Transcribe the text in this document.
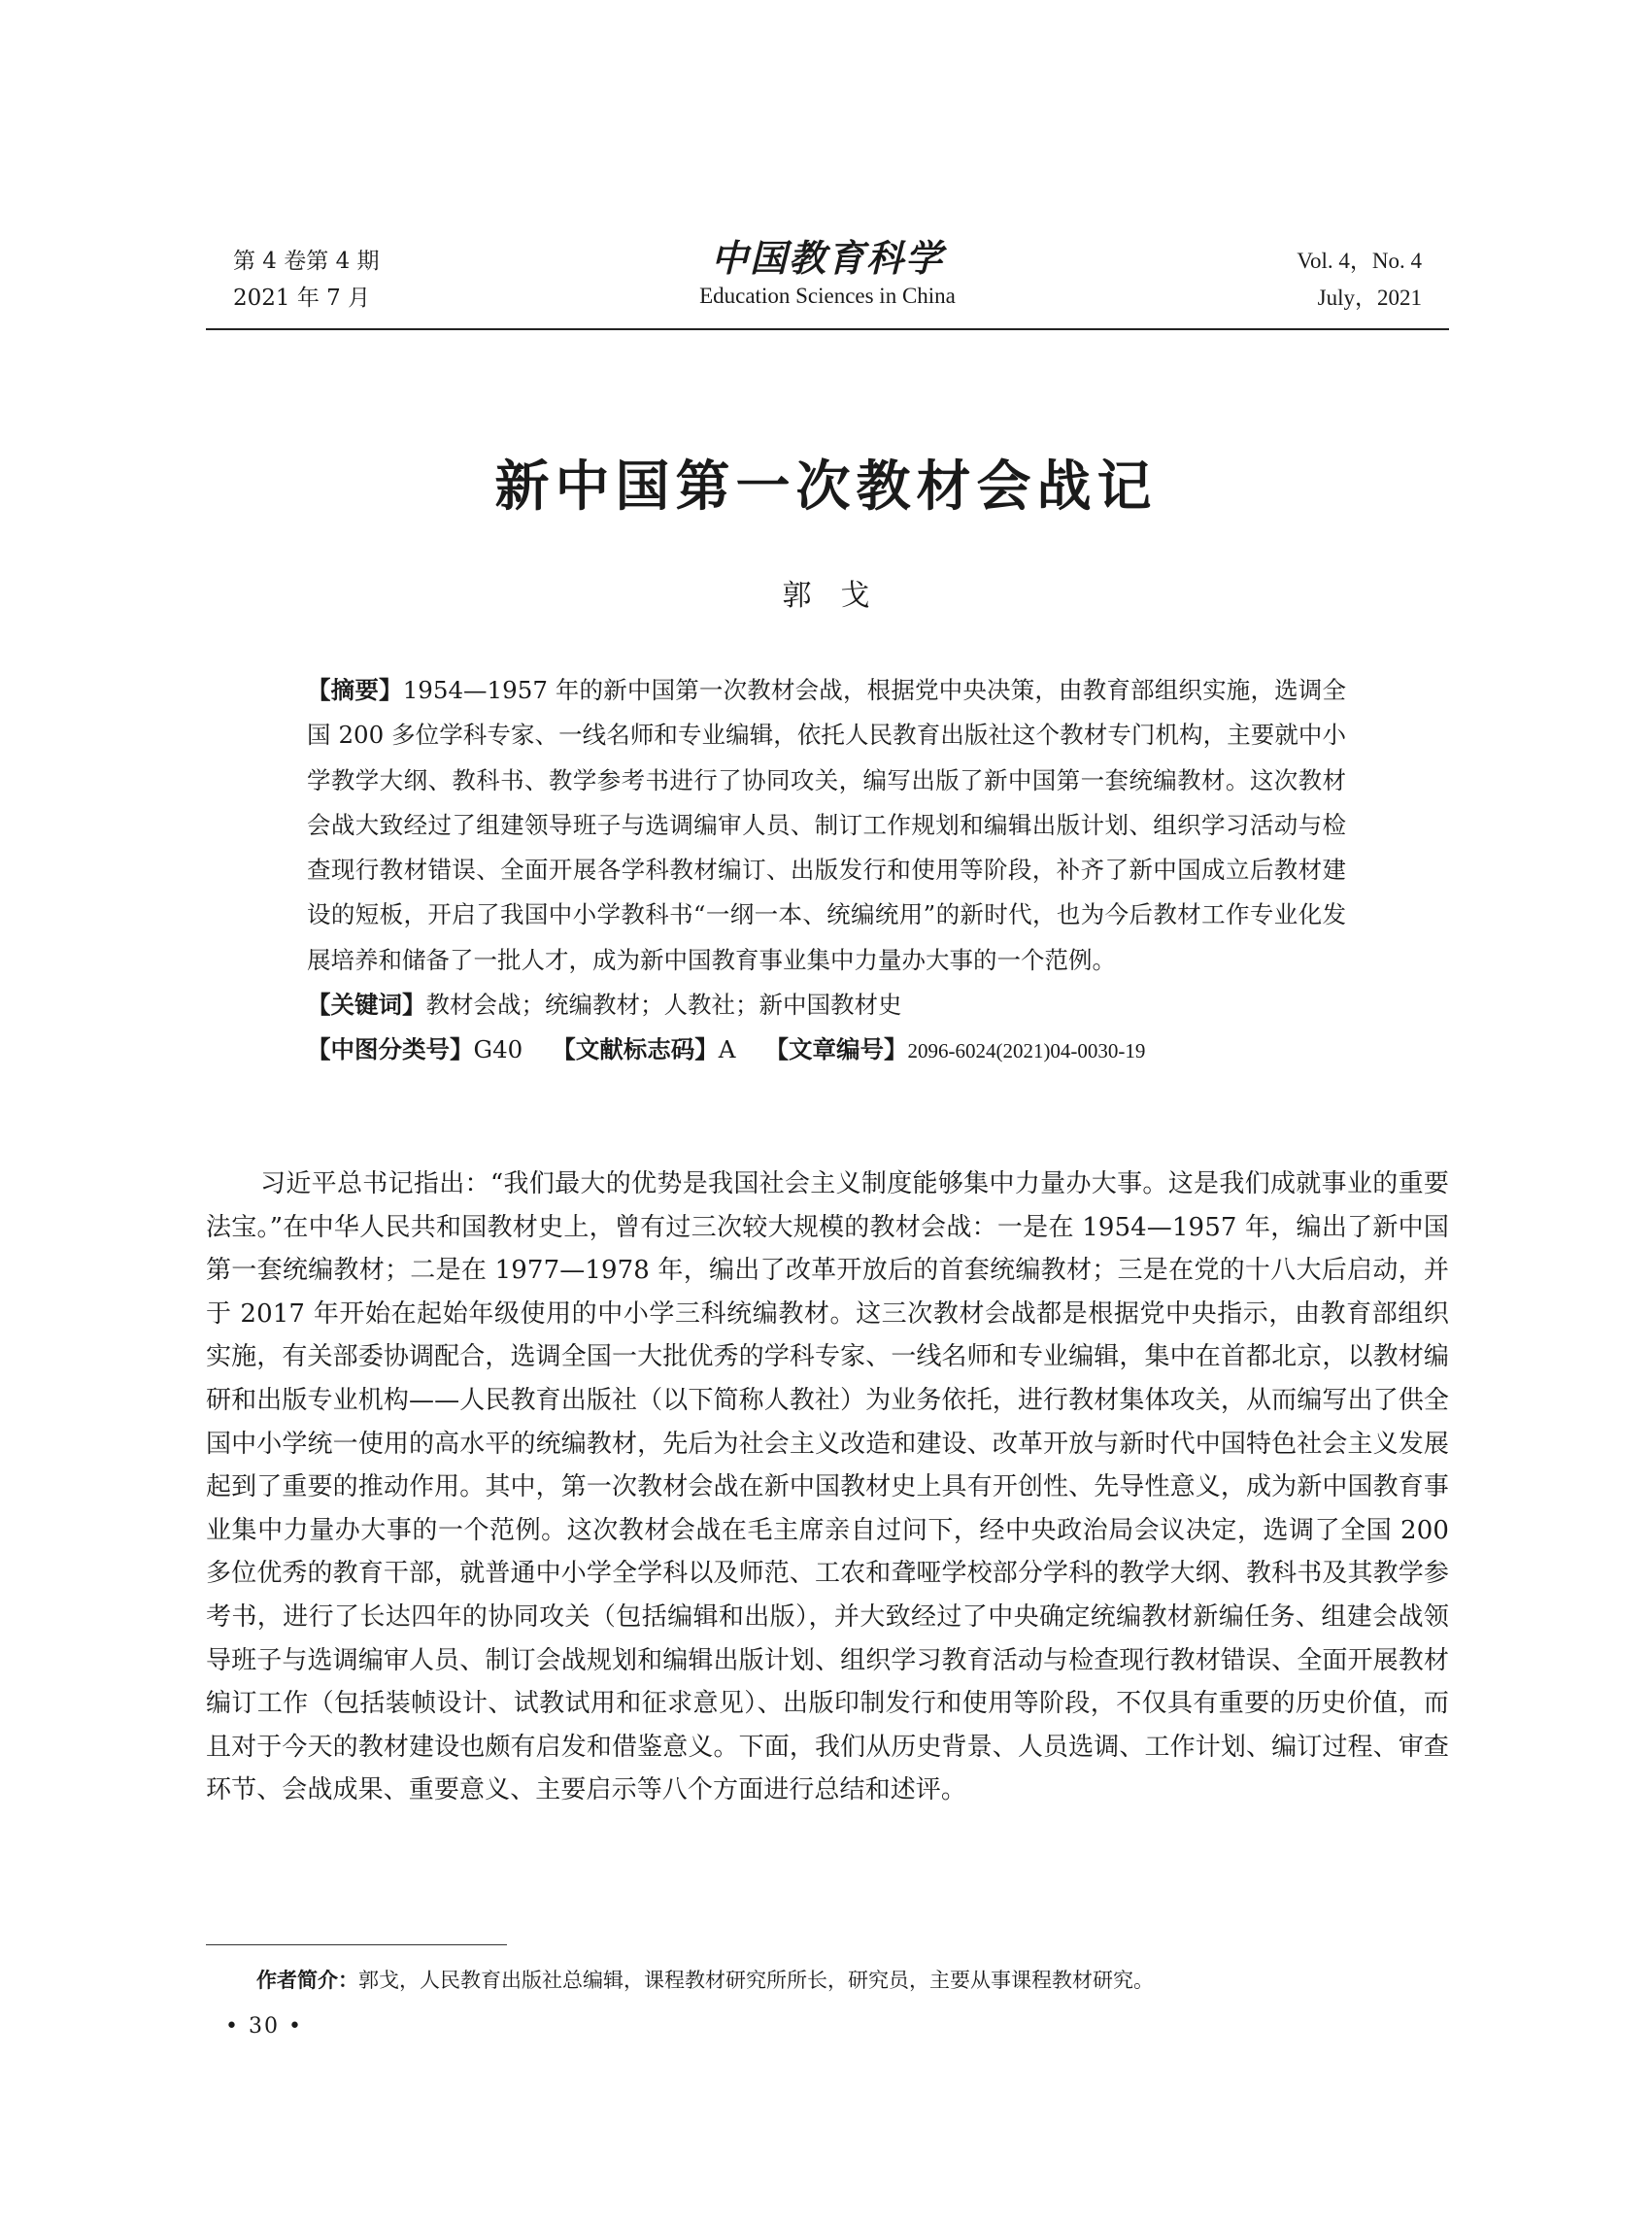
第 4 卷第 4 期
2021 年 7 月
中国教育科学
Education Sciences in China
Vol. 4，No. 4
July，2021
新中国第一次教材会战记
郭戈

【摘要】1954—1957 年的新中国第一次教材会战，根据党中央决策，由教育部组织实施，选调全国 200 多位学科专家、一线名师和专业编辑，依托人民教育出版社这个教材专门机构，主要就中小学教学大纲、教科书、教学参考书进行了协同攻关，编写出版了新中国第一套统编教材。这次教材会战大致经过了组建领导班子与选调编审人员、制订工作规划和编辑出版计划、组织学习活动与检查现行教材错误、全面开展各学科教材编订、出版发行和使用等阶段，补齐了新中国成立后教材建设的短板，开启了我国中小学教科书“一纲一本、统编统用”的新时代，也为今后教材工作专业化发展培养和储备了一批人才，成为新中国教育事业集中力量办大事的一个范例。

【关键词】教材会战；统编教材；人教社；新中国教材史

【中图分类号】G40 【文献标志码】A 【文章编号】2096-6024(2021)04-0030-19

习近平总书记指出：“我们最大的优势是我国社会主义制度能够集中力量办大事。这是我们成就事业的重要法宝。”在中华人民共和国教材史上，曾有过三次较大规模的教材会战：一是在 1954—1957 年，编出了新中国第一套统编教材；二是在 1977—1978 年，编出了改革开放后的首套统编教材；三是在党的十八大后启动，并于 2017 年开始在起始年级使用的中小学三科统编教材。这三次教材会战都是根据党中央指示，由教育部组织实施，有关部委协调配合，选调全国一大批优秀的学科专家、一线名师和专业编辑，集中在首都北京，以教材编研和出版专业机构——人民教育出版社（以下简称人教社）为业务依托，进行教材集体攻关，从而编写出了供全国中小学统一使用的高水平的统编教材，先后为社会主义改造和建设、改革开放与新时代中国特色社会主义发展起到了重要的推动作用。其中，第一次教材会战在新中国教材史上具有开创性、先导性意义，成为新中国教育事业集中力量办大事的一个范例。这次教材会战在毛主席亲自过问下，经中央政治局会议决定，选调了全国 200 多位优秀的教育干部，就普通中小学全学科以及师范、工农和聋哑学校部分学科的教学大纲、教科书及其教学参考书，进行了长达四年的协同攻关（包括编辑和出版），并大致经过了中央确定统编教材新编任务、组建会战领导班子与选调编审人员、制订会战规划和编辑出版计划、组织学习教育活动与检查现行教材错误、全面开展教材编订工作（包括装帧设计、试教试用和征求意见）、出版印制发行和使用等阶段，不仅具有重要的历史价值，而且对于今天的教材建设也颇有启发和借鉴意义。下面，我们从历史背景、人员选调、工作计划、编订过程、审查环节、会战成果、重要意义、主要启示等八个方面进行总结和述评。

作者简介：郭戈，人民教育出版社总编辑，课程教材研究所所长，研究员，主要从事课程教材研究。
• 30 •
